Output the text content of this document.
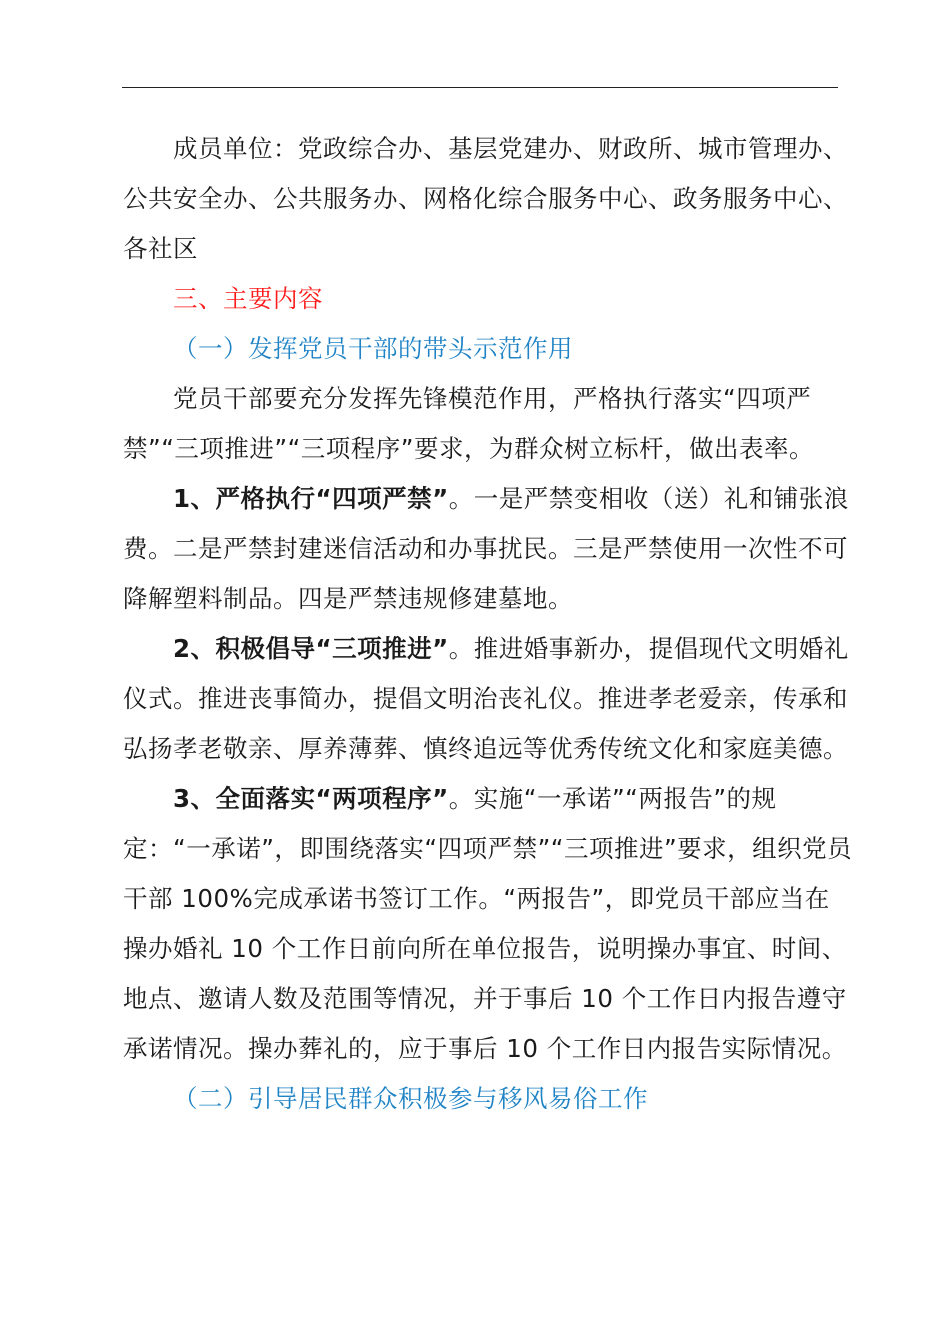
成员单位：党政综合办、基层党建办、财政所、城市管理办、公共安全办、公共服务办、网格化综合服务中心、政务服务中心、各社区

三、主要内容

（一）发挥党员干部的带头示范作用

党员干部要充分发挥先锋模范作用，严格执行落实“四项严禁”“三项推进”“三项程序”要求，为群众树立标杆，做出表率。

1、严格执行“四项严禁”。一是严禁变相收（送）礼和铺张浪费。二是严禁封建迷信活动和办事扰民。三是严禁使用一次性不可降解塑料制品。四是严禁违规修建墓地。

2、积极倡导“三项推进”。推进婚事新办，提倡现代文明婚礼仪式。推进丧事简办，提倡文明治丧礼仪。推进孝老爱亲，传承和弘扬孝老敬亲、厚养薄葬、慎终追远等优秀传统文化和家庭美德。

3、全面落实“两项程序”。实施“一承诺”“两报告”的规定：“一承诺”，即围绕落实“四项严禁”“三项推进”要求，组织党员干部 100%完成承诺书签订工作。“两报告”，即党员干部应当在操办婚礼 10 个工作日前向所在单位报告，说明操办事宜、时间、地点、邀请人数及范围等情况，并于事后 10 个工作日内报告遵守承诺情况。操办葬礼的，应于事后 10 个工作日内报告实际情况。

（二）引导居民群众积极参与移风易俗工作
